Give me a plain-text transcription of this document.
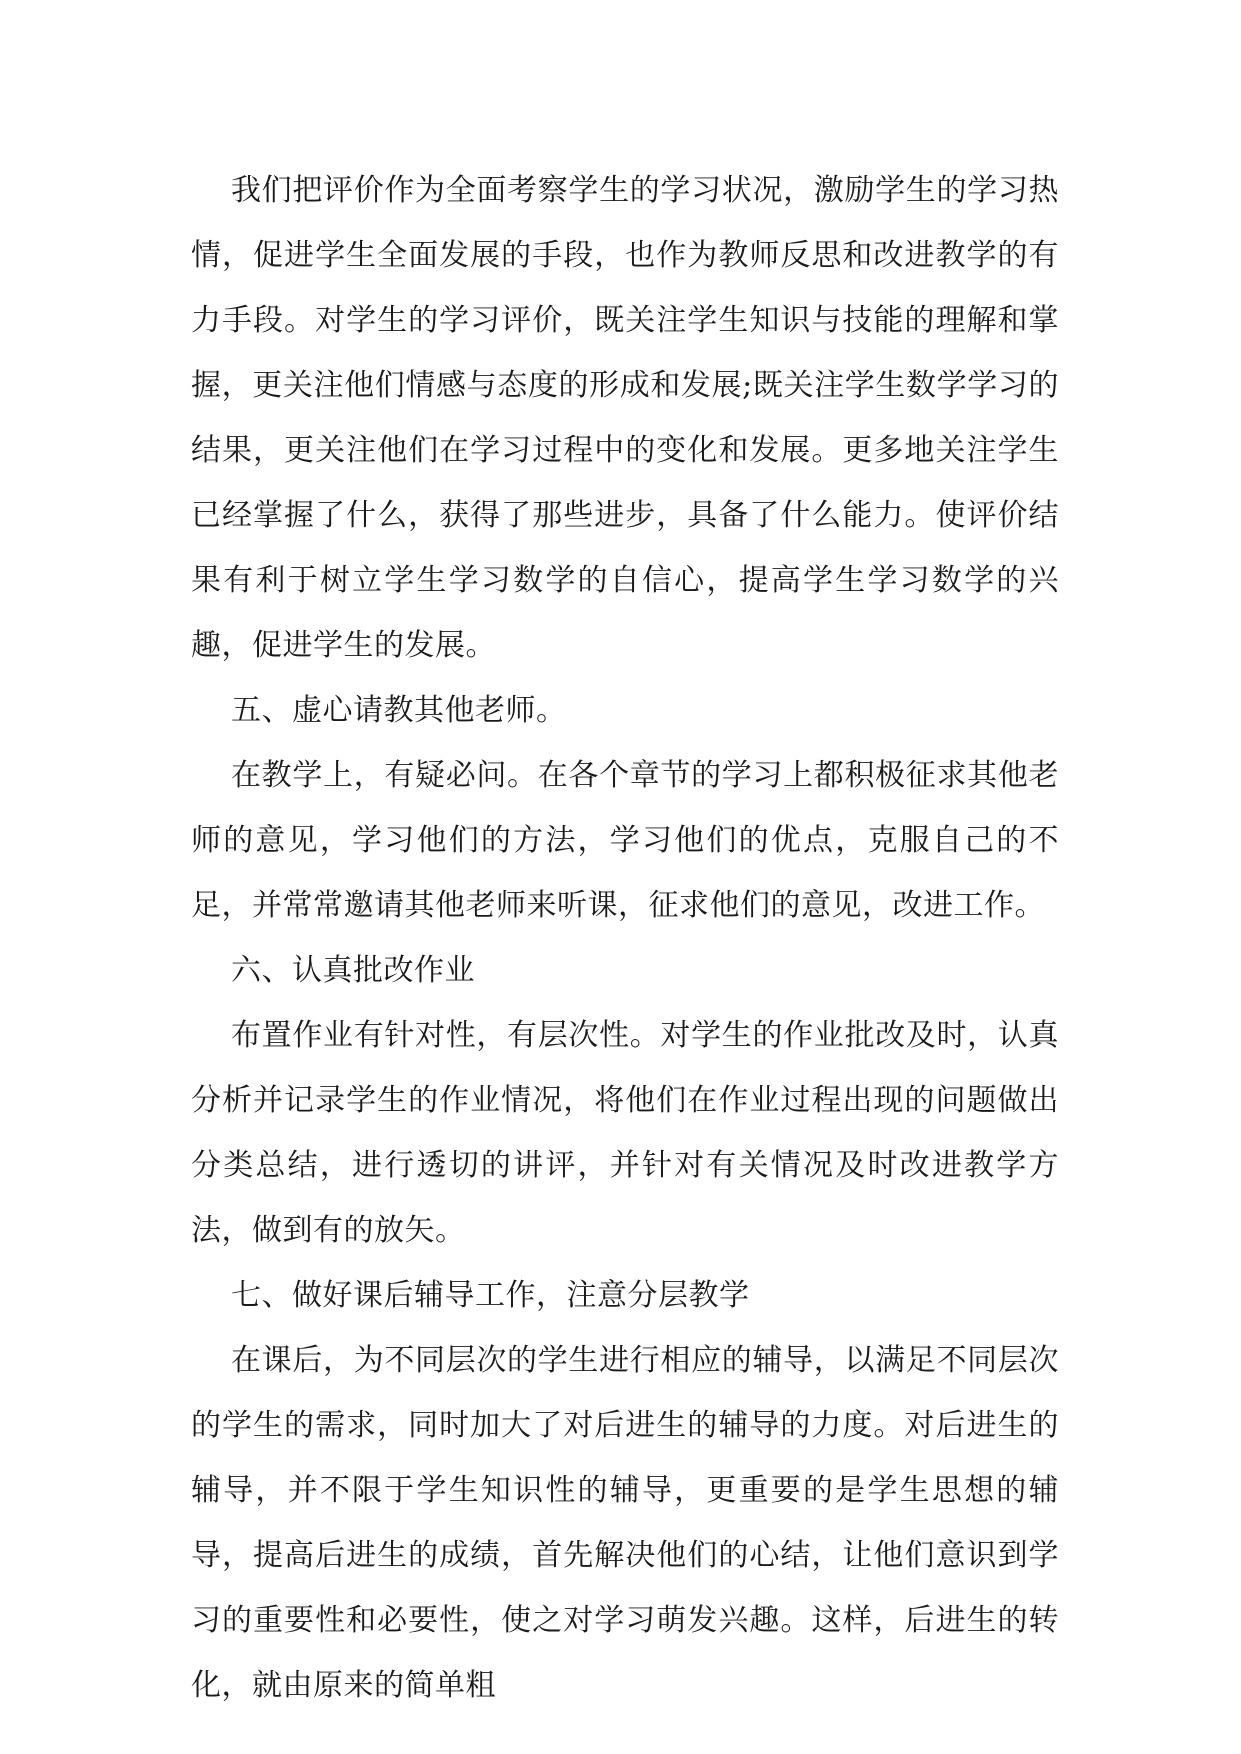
我们把评价作为全面考察学生的学习状况，激励学生的学习热情，促进学生全面发展的手段，也作为教师反思和改进教学的有力手段。对学生的学习评价，既关注学生知识与技能的理解和掌握，更关注他们情感与态度的形成和发展;既关注学生数学学习的结果，更关注他们在学习过程中的变化和发展。更多地关注学生已经掌握了什么，获得了那些进步，具备了什么能力。使评价结果有利于树立学生学习数学的自信心，提高学生学习数学的兴趣，促进学生的发展。

五、虚心请教其他老师。

在教学上，有疑必问。在各个章节的学习上都积极征求其他老师的意见，学习他们的方法，学习他们的优点，克服自己的不足，并常常邀请其他老师来听课，征求他们的意见，改进工作。

六、认真批改作业

布置作业有针对性，有层次性。对学生的作业批改及时，认真分析并记录学生的作业情况，将他们在作业过程出现的问题做出分类总结，进行透切的讲评，并针对有关情况及时改进教学方法，做到有的放矢。

七、做好课后辅导工作，注意分层教学

在课后，为不同层次的学生进行相应的辅导，以满足不同层次的学生的需求，同时加大了对后进生的辅导的力度。对后进生的辅导，并不限于学生知识性的辅导，更重要的是学生思想的辅导，提高后进生的成绩，首先解决他们的心结，让他们意识到学习的重要性和必要性，使之对学习萌发兴趣。这样，后进生的转化，就由原来的简单粗
